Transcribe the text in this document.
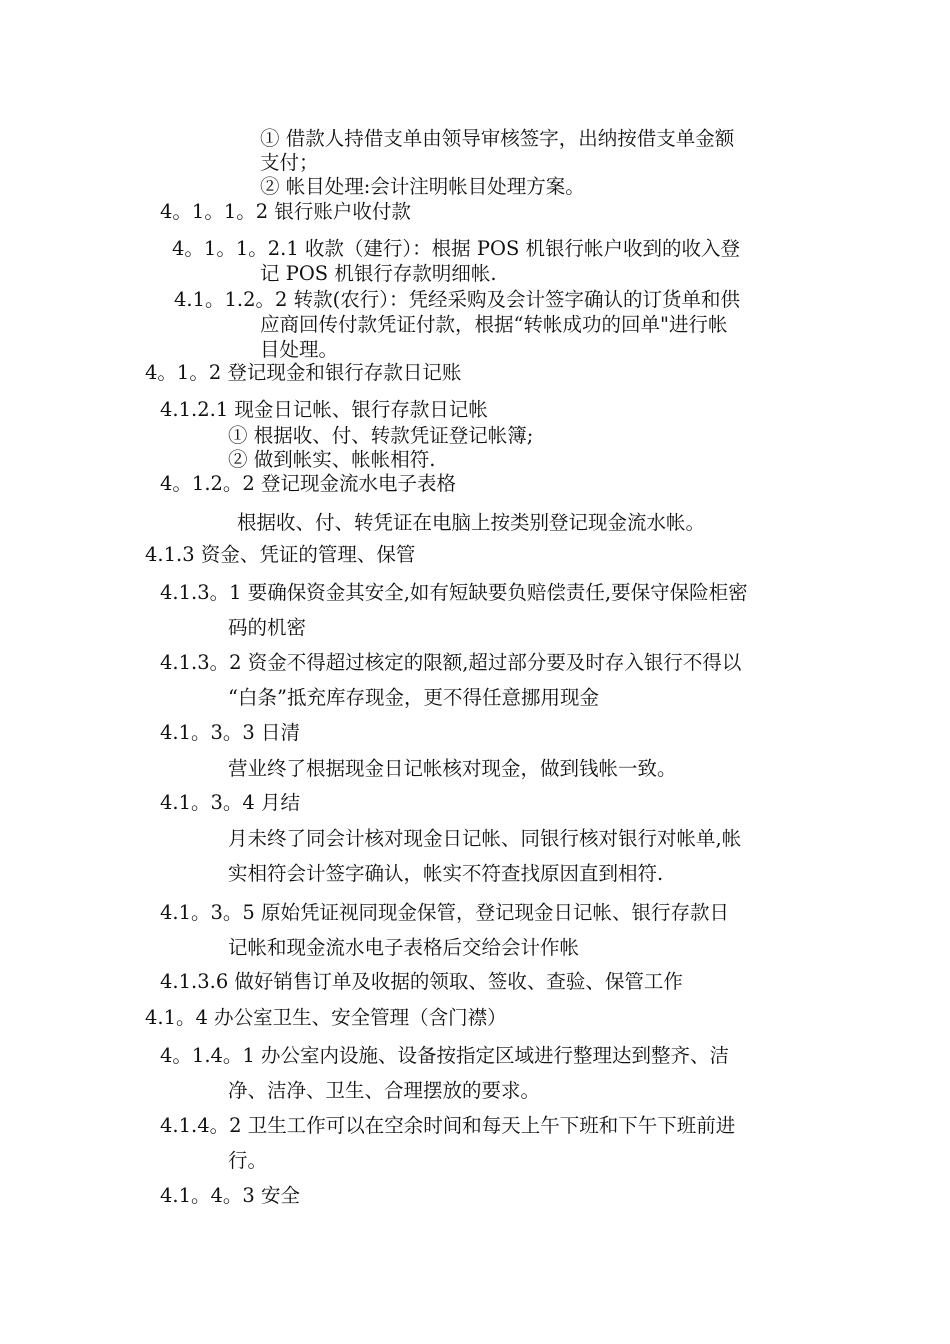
① 借款人持借支单由领导审核签字，出纳按借支单金额
支付；
② 帐目处理:会计注明帐目处理方案。
4。1。1。2 银行账户收付款
4。1。1。2.1 收款（建行）：根据 POS 机银行帐户收到的收入登
记 POS 机银行存款明细帐.
4.1。1.2。2 转款(农行）：凭经采购及会计签字确认的订货单和供
应商回传付款凭证付款，根据“转帐成功的回单"进行帐
目处理。
4。1。2 登记现金和银行存款日记账
4.1.2.1 现金日记帐、银行存款日记帐
① 根据收、付、转款凭证登记帐簿;
② 做到帐实、帐帐相符.
4。1.2。2 登记现金流水电子表格
根据收、付、转凭证在电脑上按类别登记现金流水帐。
4.1.3 资金、凭证的管理、保管
4.1.3。1 要确保资金其安全,如有短缺要负赔偿责任,要保守保险柜密
码的机密
4.1.3。2 资金不得超过核定的限额,超过部分要及时存入银行不得以
“白条”抵充库存现金，更不得任意挪用现金
4.1。3。3 日清
营业终了根据现金日记帐核对现金，做到钱帐一致。
4.1。3。4 月结
月未终了同会计核对现金日记帐、同银行核对银行对帐单,帐
实相符会计签字确认，帐实不符查找原因直到相符.
4.1。3。5 原始凭证视同现金保管，登记现金日记帐、银行存款日
记帐和现金流水电子表格后交给会计作帐
4.1.3.6 做好销售订单及收据的领取、签收、查验、保管工作
4.1。4 办公室卫生、安全管理（含门襟）
4。1.4。1 办公室内设施、设备按指定区域进行整理达到整齐、洁
净、洁净、卫生、合理摆放的要求。
4.1.4。2 卫生工作可以在空余时间和每天上午下班和下午下班前进
行。
4.1。4。3 安全
